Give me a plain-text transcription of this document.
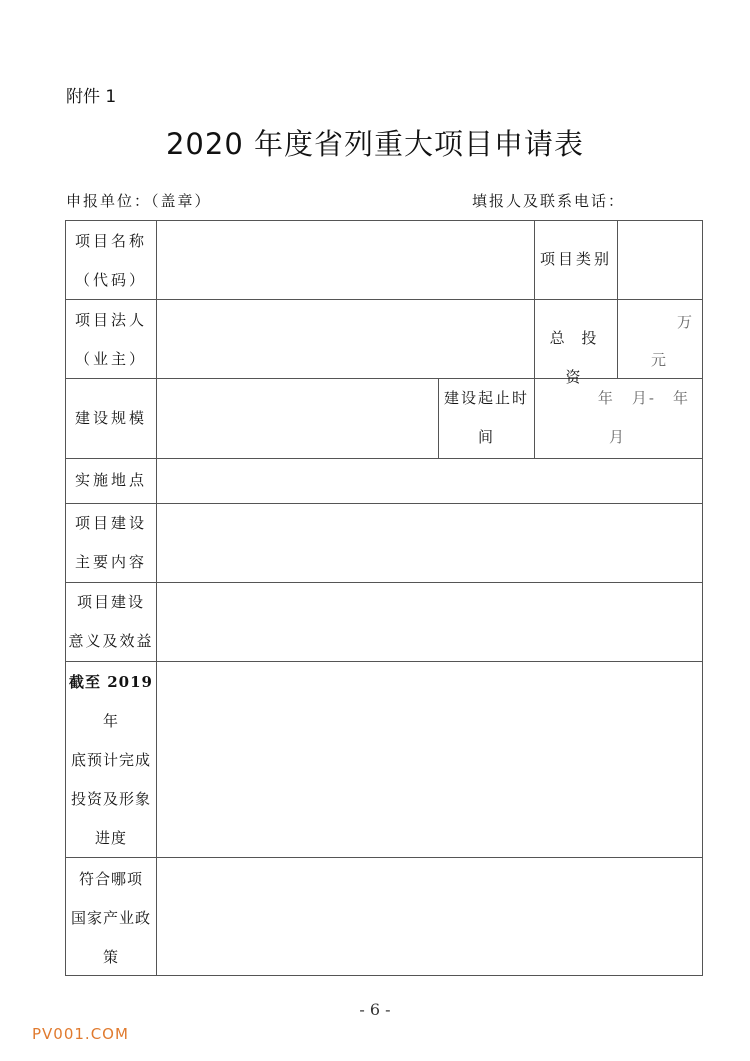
附件 1
2020 年度省列重大项目申请表
申报单位：（盖章）	填报人及联系电话：
项目名称
（代码）
项目类别
项目法人
（业主）
总 投 资
万
元
建设规模
建设起止时
间
年　月-　年
月
实施地点
项目建设
主要内容
项目建设
意义及效益
截至 2019
年
底预计完成
投资及形象
进度
符合哪项
国家产业政
策
- 6 -
PV001.COM
